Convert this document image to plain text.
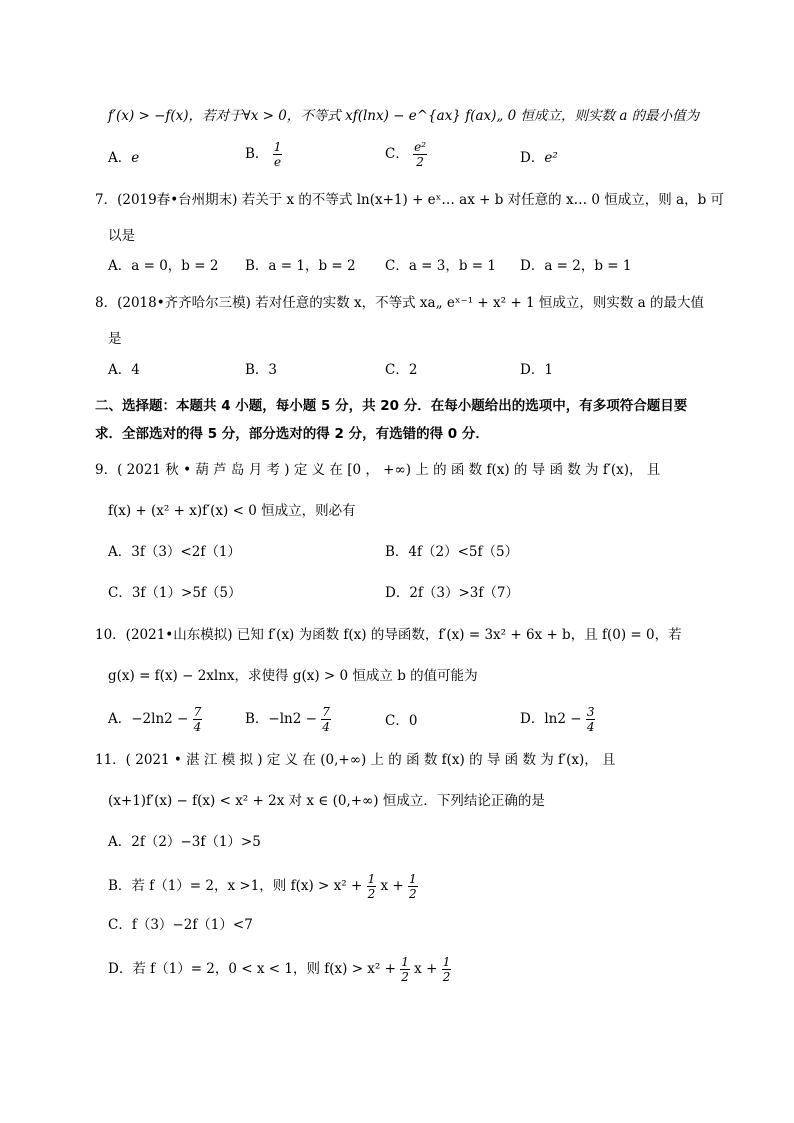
f′(x) > −f(x)，若对于∀x > 0，不等式 xf(lnx) − e^{ax} f(ax)„ 0 恒成立，则实数 a 的最小值为
A．e	B． $\frac{1}{e}$	C． $\frac{\text{e²}}{2}$	D．e²
7．(2019春•台州期末) 若关于 x 的不等式 ln(x+1) + eˣ… ax + b 对任意的 x… 0 恒成立，则 a，b 可
以是
A．a = 0，b = 2 B．a = 1，b = 2 C．a = 3，b = 1 D．a = 2，b = 1
8．(2018•齐齐哈尔三模) 若对任意的实数 x，不等式 xa„ eˣ⁻¹ + x² + 1 恒成立，则实数 a 的最大值
是
A．4	B．3	C．2	D．1
二、选择题：本题共 4 小题，每小题 5 分，共 20 分．在每小题给出的选项中，有多项符合题目要
求．全部选对的得 5 分，部分选对的得 2 分，有选错的得 0 分．
9．( 2021 秋 • 葫 芦 岛 月 考 ) 定 义 在 [0 ， +∞) 上 的 函 数 f(x) 的 导 函 数 为 f′(x)， 且
f(x) + (x² + x)f′(x) < 0 恒成立，则必有
A．3f（3）<2f（1）	B．4f（2）<5f（5）
C．3f（1）>5f（5）	D．2f（3）>3f（7）
10．(2021•山东模拟) 已知 f′(x) 为函数 f(x) 的导函数，f′(x) = 3x² + 6x + b，且 f(0) = 0，若
g(x) = f(x) − 2xlnx，求使得 g(x) > 0 恒成立 b 的值可能为
A．$-2\ln 2 - \frac{7}{4}$	B．$-\ln 2 - \frac{7}{4}$	C．0	D．$\ln 2 - \frac{3}{4}$
11．( 2021 • 湛 江 模 拟 ) 定 义 在 (0,+∞) 上 的 函 数 f(x) 的 导 函 数 为 f′(x)， 且
(x+1)f′(x) − f(x) < x² + 2x 对 x ∈ (0,+∞) 恒成立．下列结论正确的是
A．2f（2）−3f（1）>5
B．若 f（1）= 2，x >1，则 $f(x) > x^2 + \frac{1}{2}$ $x + \frac{1}{2}$
C．f（3）−2f（1）<7
D．若 f（1）= 2，0 < x < 1，则 $f(x) > x^2 + \frac{1}{2}$ $x + \frac{1}{2}$
